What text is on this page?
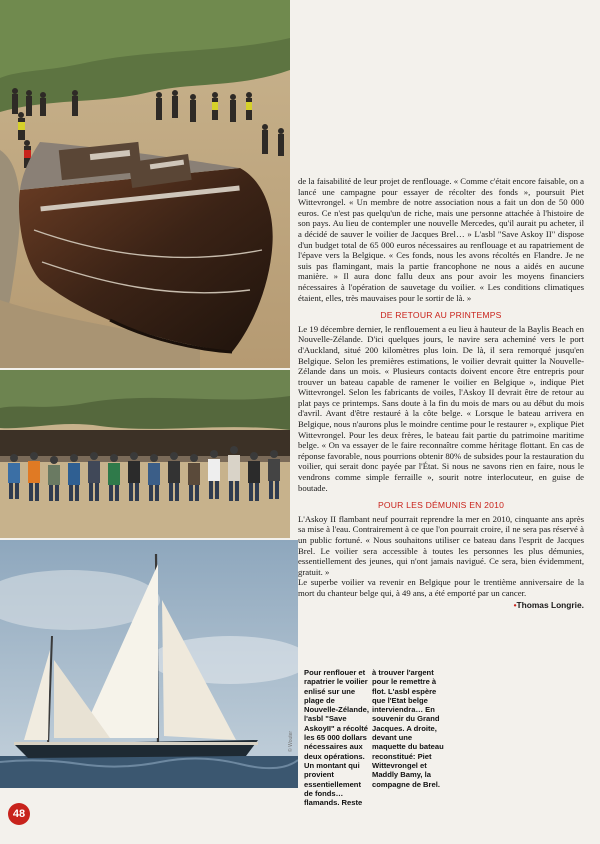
de la faisabilité de leur projet de renflouage. « Comme c'était encore faisable, on a lancé une campagne pour essayer de récolter des fonds », poursuit Piet Wittevrongel. « Un membre de notre association nous a fait un don de 50 000 euros. Ce n'est pas quelqu'un de riche, mais une personne attachée à l'histoire de son pays. Au lieu de contempler une nouvelle Mercedes, qu'il aurait pu acheter, il a décidé de sauver le voilier de Jacques Brel… » L'asbl "Save Askoy II" dispose d'un budget total de 65 000 euros nécessaires au renflouage et au rapatriement de l'épave vers la Belgique. « Ces fonds, nous les avons récoltés en Flandre. Je ne suis pas flamingant, mais la partie francophone ne nous a aidés en aucune manière. » Il aura donc fallu deux ans pour avoir les moyens financiers nécessaires à l'opération de sauvetage du voilier. « Les conditions climatiques étaient, elles, très mauvaises pour le sortir de là. »

DE RETOUR AU PRINTEMPS

Le 19 décembre dernier, le renflouement a eu lieu à hauteur de la Baylis Beach en Nouvelle-Zélande. D'ici quelques jours, le navire sera acheminé vers le port d'Auckland, situé 200 kilomètres plus loin. De là, il sera remorqué jusqu'en Belgique. Selon les premières estimations, le voilier devrait quitter la Nouvelle-Zélande dans un mois. « Plusieurs contacts doivent encore être entrepris pour trouver un bateau capable de ramener le voilier en Belgique », indique Piet Wittevrongel. Selon les fabricants de voiles, l'Askoy II devrait être de retour au plat pays ce printemps. Sans doute à la fin du mois de mars ou au début du mois d'avril. Avant d'être restauré à la côte belge. « Lorsque le bateau arrivera en Belgique, nous n'aurons plus le moindre centime pour le restaurer », explique Piet Wittevrongel. Pour les deux frères, le bateau fait partie du patrimoine maritime belge. « On va essayer de le faire reconnaître comme héritage flottant. En cas de réponse favorable, nous pourrions obtenir 80% de subsides pour la restauration du voilier, qui serait donc payée par l'État. Si nous ne savons rien en faire, nous le vendrons comme simple ferraille », sourit notre interlocuteur, en guise de boutade.

POUR LES DÉMUNIS EN 2010

L'Askoy II flambant neuf pourrait reprendre la mer en 2010, cinquante ans après sa mise à l'eau. Contrairement à ce que l'on pourrait croire, il ne sera pas réservé à un public fortuné. « Nous souhaitons utiliser ce bateau dans l'esprit de Jacques Brel. Le voilier sera accessible à toutes les personnes les plus démunies, essentiellement des jeunes, qui n'ont jamais navigué. Ce sera, bien évidemment, gratuit. »

Le superbe voilier va revenir en Belgique pour le trentième anniversaire de la mort du chanteur belge qui, à 49 ans, a été emporté par un cancer.

•Thomas Longrie.
Pour renflouer et rapatrier le voilier enlisé sur une plage de Nouvelle-Zélande, l'asbl "Save AskoyII" a récolté les 65 000 dollars nécessaires aux deux opérations. Un montant qui provient essentiellement de fonds… flamands. Reste
à trouver l'argent pour le remettre à flot. L'asbl espère que l'Etat belge interviendra… En souvenir du Grand Jacques. A droite, devant une maquette du bateau reconstitué: Piet Wittevrongel et Maddly Bamy, la compagne de Brel.
© Wouter
48
